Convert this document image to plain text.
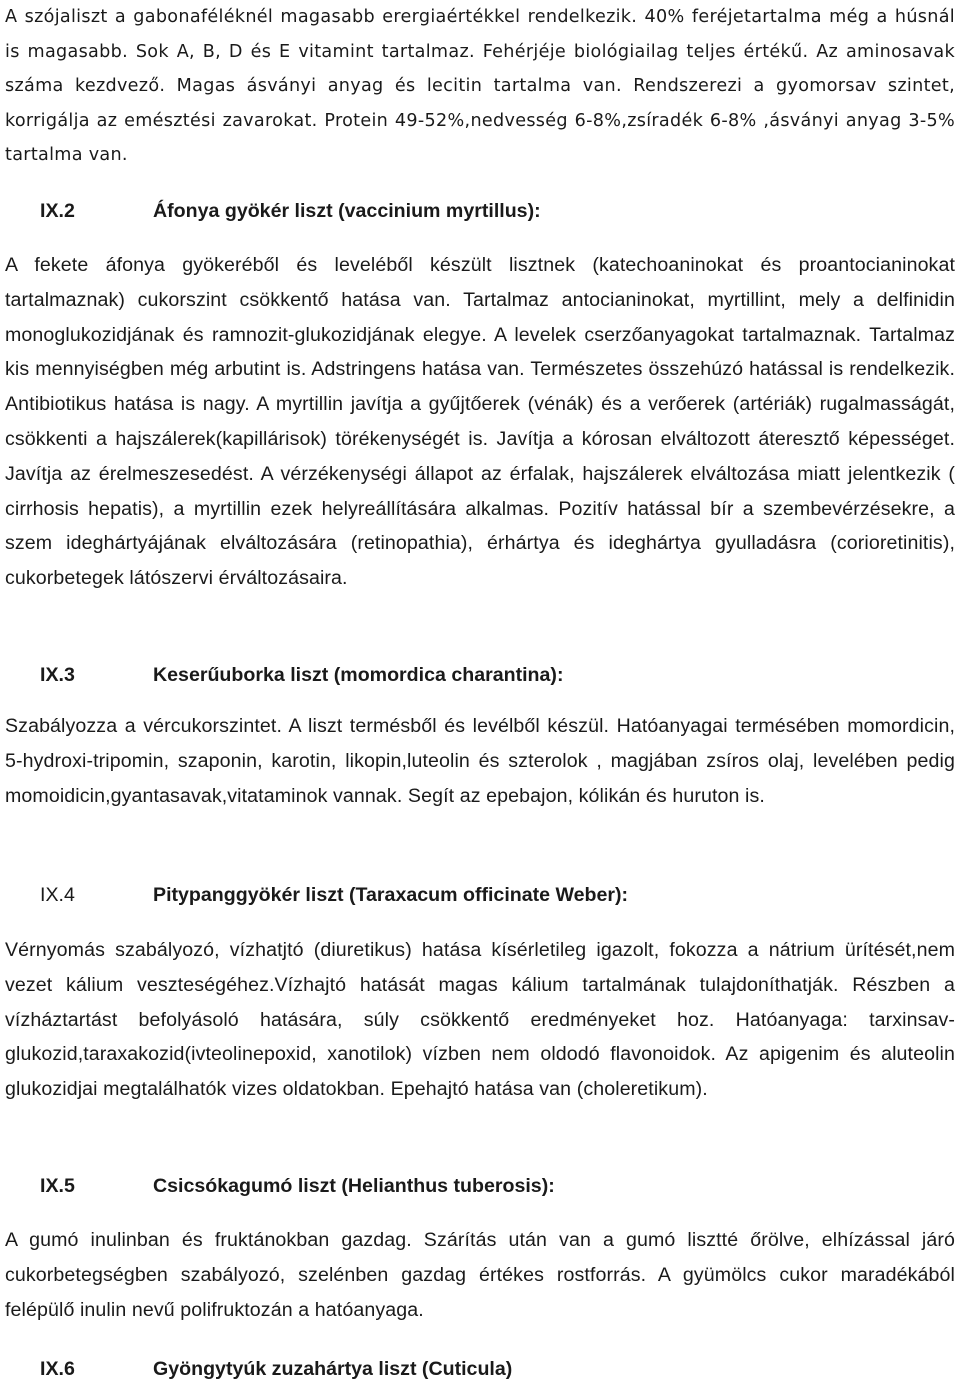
A szójaliszt a gabonaféléknél magasabb erergiaértékkel rendelkezik. 40% feréjetartalma még a húsnál is magasabb. Sok A, B, D és E vitamint tartalmaz. Fehérjéje biológiailag teljes értékű. Az aminosavak száma kezdvező. Magas ásványi anyag és lecitin tartalma van. Rendszerezi a gyomorsav szintet, korrigálja az emésztési zavarokat. Protein 49-52%,nedvesség 6-8%,zsíradék 6-8% ,ásványi anyag 3-5% tartalma van.

IX.2	Áfonya gyökér liszt (vaccinium myrtillus):

A fekete áfonya gyökeréből és leveléből készült lisztnek (katechoaninokat és proantocianinokat tartalmaznak) cukorszint csökkentő hatása van. Tartalmaz antocianinokat, myrtillint, mely a delfinidin monoglukozidjának és ramnozit-glukozidjának elegye. A levelek cserzőanyagokat tartalmaznak. Tartalmaz kis mennyiségben még arbutint is. Adstringens hatása van. Természetes összehúzó hatással is rendelkezik. Antibiotikus hatása is nagy. A myrtillin javítja a gyűjtőerek (vénák) és a verőerek (artériák) rugalmasságát, csökkenti a hajszálerek(kapillárisok) törékenységét is. Javítja a kórosan elváltozott áteresztő képességet. Javítja az érelmeszesedést. A vérzékenységi állapot az érfalak, hajszálerek elváltozása miatt jelentkezik ( cirrhosis hepatis), a myrtillin ezek helyreállítására alkalmas. Pozitív hatással bír a szembevérzésekre, a szem ideghártyájának elváltozására (retinopathia), érhártya és ideghártya gyulladásra (corioretinitis), cukorbetegek látószervi érváltozásaira.

IX.3	Keserűuborka liszt (momordica charantina):

Szabályozza a vércukorszintet. A liszt termésből és levélből készül. Hatóanyagai termésében momordicin, 5-hydroxi-tripomin, szaponin, karotin, likopin,luteolin és szterolok , magjában zsíros olaj, levelében pedig momoidicin,gyantasavak,vitataminok vannak. Segít az epebajon, kólikán és huruton is.

IX.4	Pitypanggyökér liszt (Taraxacum officinate Weber):

Vérnyomás szabályozó, vízhatjtó (diuretikus) hatása kísérletileg igazolt, fokozza a nátrium ürítését,nem vezet kálium veszteségéhez.Vízhajtó hatását magas kálium tartalmának tulajdoníthatják. Részben a vízháztartást befolyásoló hatására, súly csökkentő eredményeket hoz. Hatóanyaga: tarxinsav-glukozid,taraxakozid(ivteolinepoxid, xanotilok) vízben nem oldodó flavonoidok. Az apigenim és aluteolin glukozidjai megtalálhatók vizes oldatokban. Epehajtó hatása van (choleretikum).

IX.5	Csicsókagumó liszt (Helianthus tuberosis):

A gumó inulinban és fruktánokban gazdag. Szárítás után van a gumó lisztté őrölve, elhízással járó cukorbetegségben szabályozó, szelénben gazdag értékes rostforrás. A gyümölcs cukor maradékából felépülő inulin nevű polifruktozán a hatóanyaga.

IX.6	Gyöngytyúk zuzahártya liszt (Cuticula)
